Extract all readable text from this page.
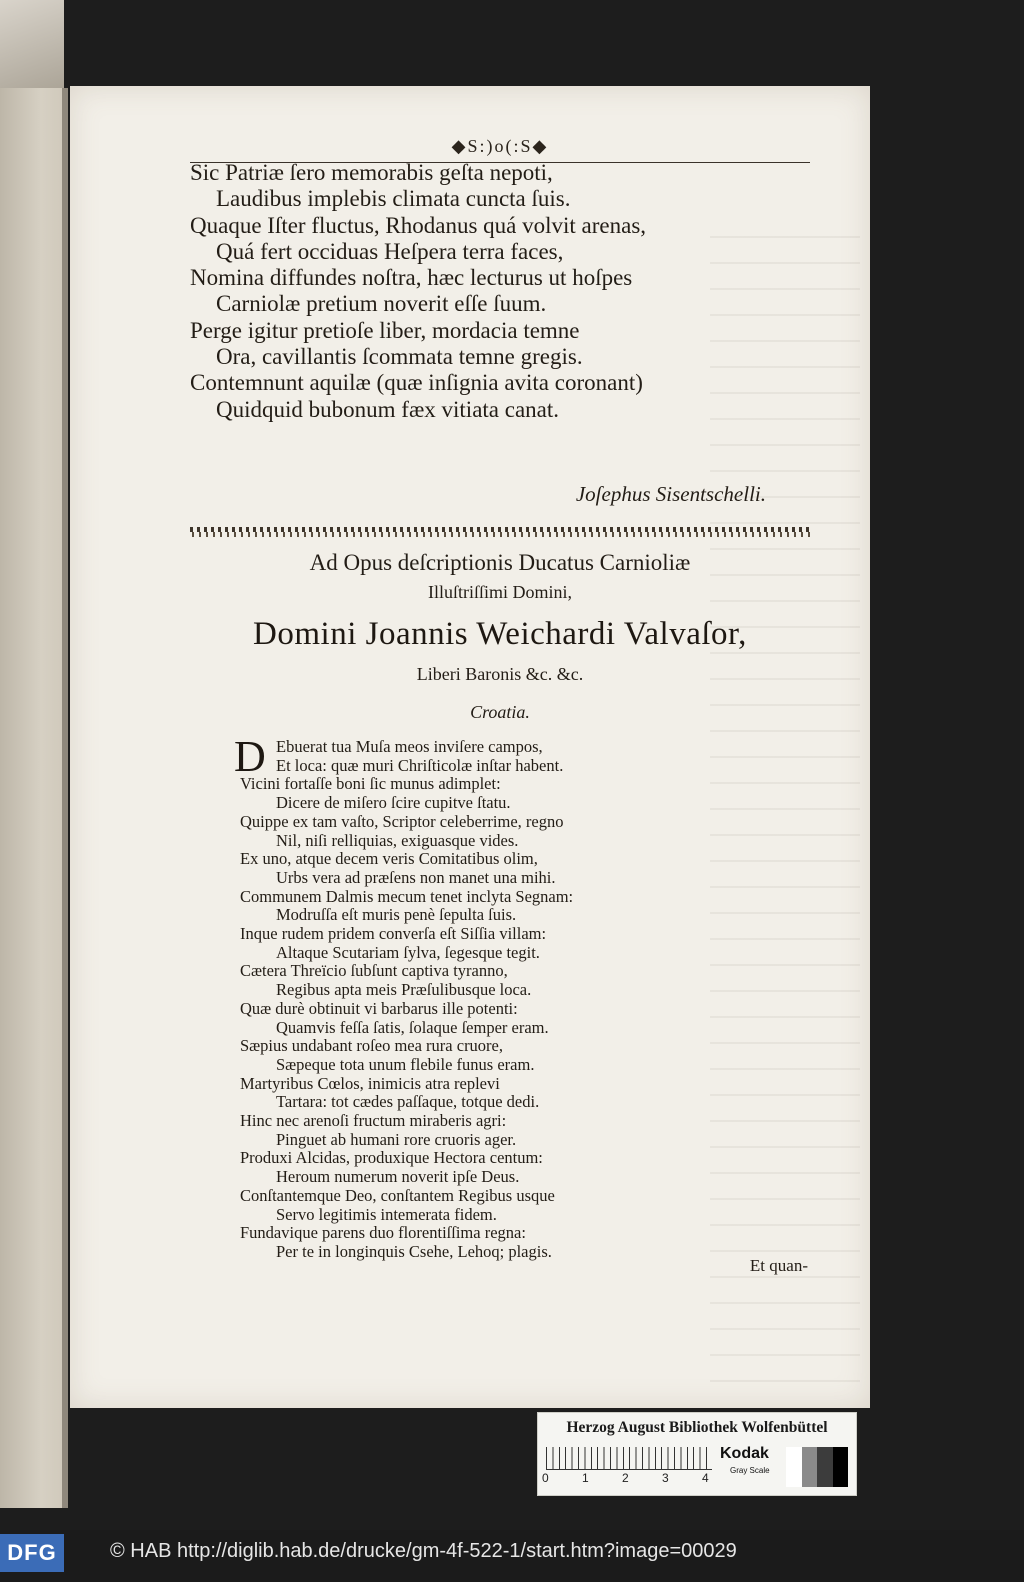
◆S:)o(:S◆
Sic Patriæ ſero memorabis geſta nepoti,
Laudibus implebis climata cuncta ſuis.
Quaque Iſter fluctus, Rhodanus quá volvit arenas,
Quá fert occiduas Heſpera terra faces,
Nomina diffundes noſtra, hæc lecturus ut hoſpes
Carniolæ pretium noverit eſſe ſuum.
Perge igitur pretioſe liber, mordacia temne
Ora, cavillantis ſcommata temne gregis.
Contemnunt aquilæ (quæ inſignia avita coronant)
Quidquid bubonum fæx vitiata canat.
Joſephus Sisentschelli.
Ad Opus deſcriptionis Ducatus Carnioliæ
Illuſtriſſimi Domini,
Domini Joannis Weichardi Valvaſor,
Liberi Baronis &c. &c.
Croatia.
D Ebuerat tua Muſa meos inviſere campos,
Et loca: quæ muri Chriſticolæ inſtar habent.
Vicini fortaſſe boni ſic munus adimplet:
Dicere de miſero ſcire cupitve ſtatu.
Quippe ex tam vaſto, Scriptor celeberrime, regno
Nil, niſi relliquias, exiguasque vides.
Ex uno, atque decem veris Comitatibus olim,
Urbs vera ad præſens non manet una mihi.
Communem Dalmis mecum tenet inclyta Segnam:
Modruſſa eſt muris penè ſepulta ſuis.
Inque rudem pridem converſa eſt Siſſia villam:
Altaque Scutariam ſylva, ſegesque tegit.
Cætera Threïcio ſubſunt captiva tyranno,
Regibus apta meis Præſulibusque loca.
Quæ durè obtinuit vi barbarus ille potenti:
Quamvis feſſa ſatis, ſolaque ſemper eram.
Sæpius undabant roſeo mea rura cruore,
Sæpeque tota unum flebile funus eram.
Martyribus Cœlos, inimicis atra replevi
Tartara: tot cædes paſſaque, totque dedi.
Hinc nec arenoſi fructum miraberis agri:
Pinguet ab humani rore cruoris ager.
Produxi Alcidas, produxique Hectora centum:
Heroum numerum noverit ipſe Deus.
Conſtantemque Deo, conſtantem Regibus usque
Servo legitimis intemerata fidem.
Fundavique parens duo florentiſſima regna:
Per te in longinquis Csehe, Lehoq; plagis.
Et quan-
Herzog August Bibliothek Wolfenbüttel
0	1	2	3	4
Kodak
Gray Scale
DFG	© HAB http://diglib.hab.de/drucke/gm-4f-522-1/start.htm?image=00029
